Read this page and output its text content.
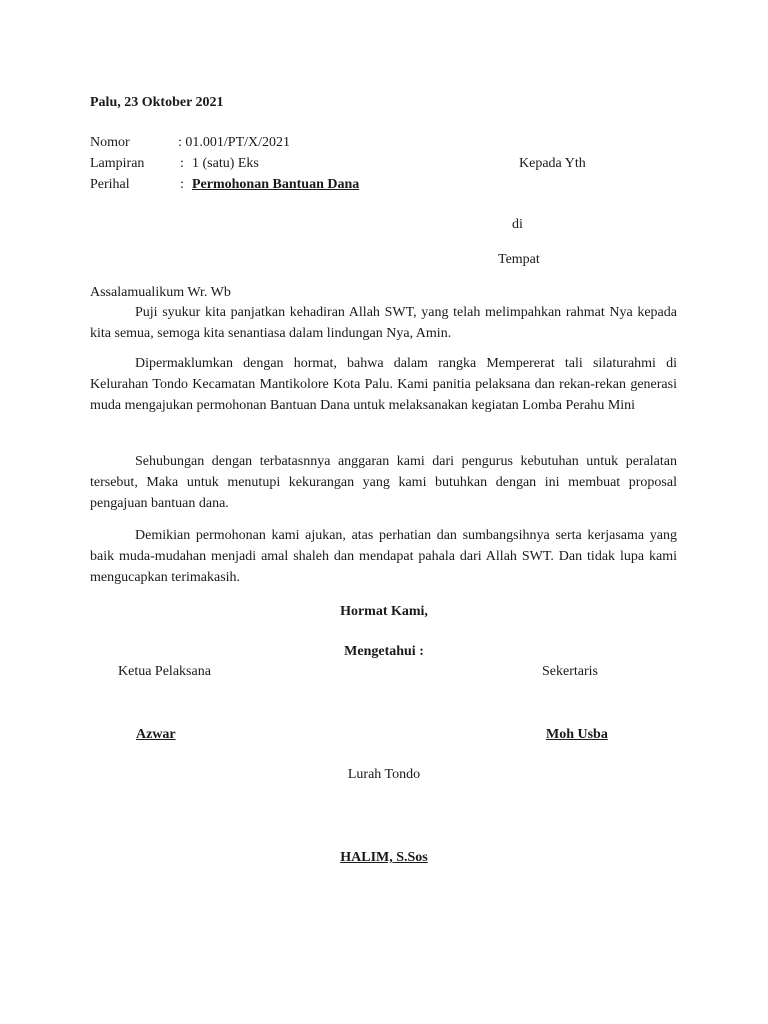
Palu, 23 Oktober 2021
Nomor	: 01.001/PT/X/2021
Lampiran	: 1 (satu) Eks
Perihal	: Permohonan Bantuan Dana
Kepada Yth
di
Tempat
Assalamualikum Wr. Wb
Puji syukur kita panjatkan kehadiran Allah SWT, yang telah melimpahkan rahmat Nya kepada kita semua, semoga kita senantiasa dalam lindungan Nya, Amin.
Dipermaklumkan dengan hormat, bahwa dalam rangka Mempererat tali silaturahmi di Kelurahan Tondo Kecamatan Mantikolore Kota Palu. Kami panitia pelaksana dan rekan-rekan generasi muda mengajukan permohonan Bantuan Dana untuk melaksanakan kegiatan Lomba Perahu Mini
Sehubungan dengan terbatasnnya anggaran kami dari pengurus kebutuhan untuk peralatan tersebut, Maka untuk menutupi kekurangan yang kami butuhkan dengan ini membuat proposal pengajuan bantuan dana.
Demikian permohonan kami ajukan, atas perhatian dan sumbangsihnya serta kerjasama yang baik muda-mudahan menjadi amal shaleh dan mendapat pahala dari Allah SWT. Dan tidak lupa kami mengucapkan terimakasih.
Hormat Kami,
Mengetahui :
Ketua Pelaksana	Sekertaris
Azwar	Moh Usba
Lurah Tondo
HALIM, S.Sos
